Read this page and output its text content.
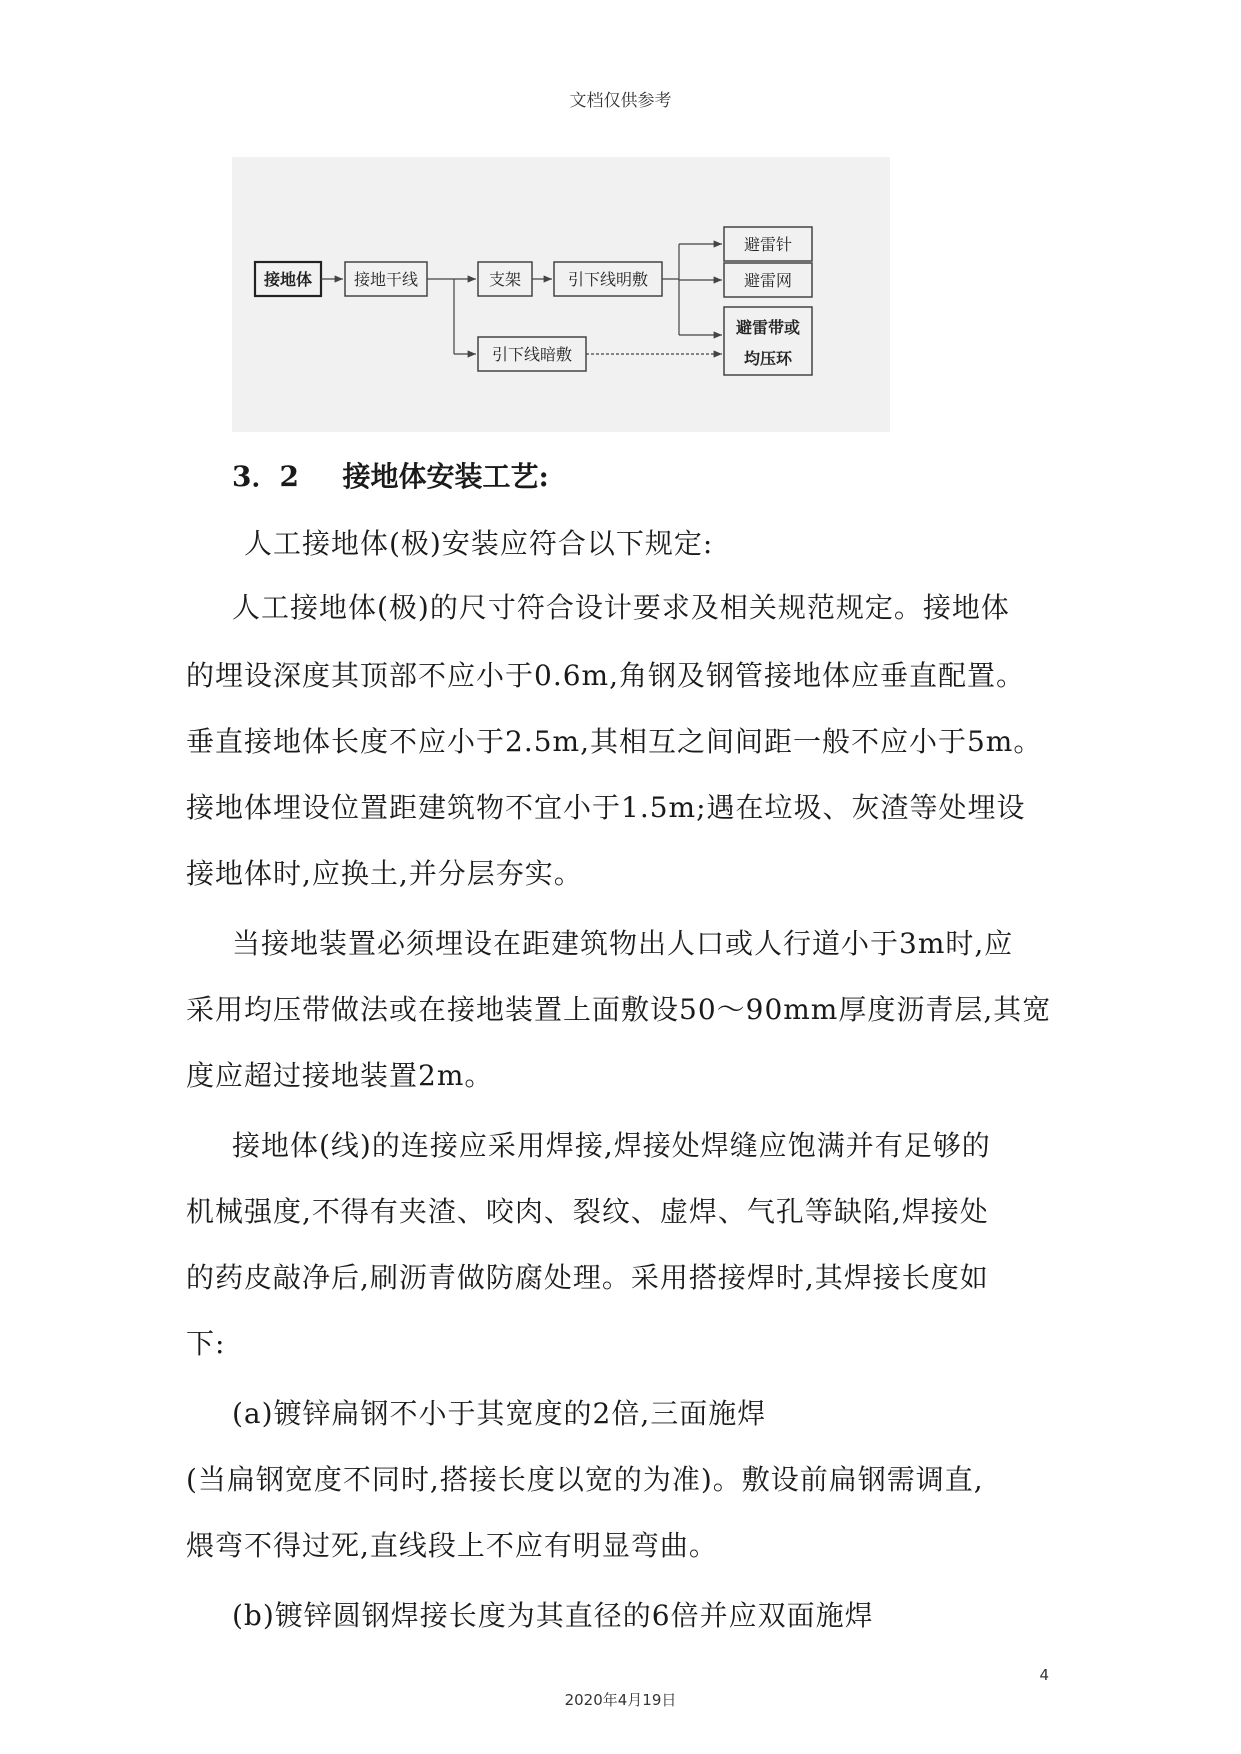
文档仅供参考
接地体	接地干线	支架	引下线明敷
引下线暗敷
避雷针
避雷网
避雷带或
均压环
3．2 接地体安装工艺:
人工接地体(极)安装应符合以下规定:
人工接地体(极)的尺寸符合设计要求及相关规范规定。接地体
的埋设深度其顶部不应小于0.6m,角钢及钢管接地体应垂直配置。
垂直接地体长度不应小于2.5m,其相互之间间距一般不应小于5m。
接地体埋设位置距建筑物不宜小于1.5m;遇在垃圾、灰渣等处埋设
接地体时,应换土,并分层夯实。
当接地装置必须埋设在距建筑物出人口或人行道小于3m时,应
采用均压带做法或在接地装置上面敷设50～90mm厚度沥青层,其宽
度应超过接地装置2m。
接地体(线)的连接应采用焊接,焊接处焊缝应饱满并有足够的
机械强度,不得有夹渣、咬肉、裂纹、虚焊、气孔等缺陷,焊接处
的药皮敲净后,刷沥青做防腐处理。采用搭接焊时,其焊接长度如
下:
(a)镀锌扁钢不小于其宽度的2倍,三面施焊
(当扁钢宽度不同时,搭接长度以宽的为准)。敷设前扁钢需调直,
煨弯不得过死,直线段上不应有明显弯曲。
(b)镀锌圆钢焊接长度为其直径的6倍并应双面施焊
4
2020年4月19日
